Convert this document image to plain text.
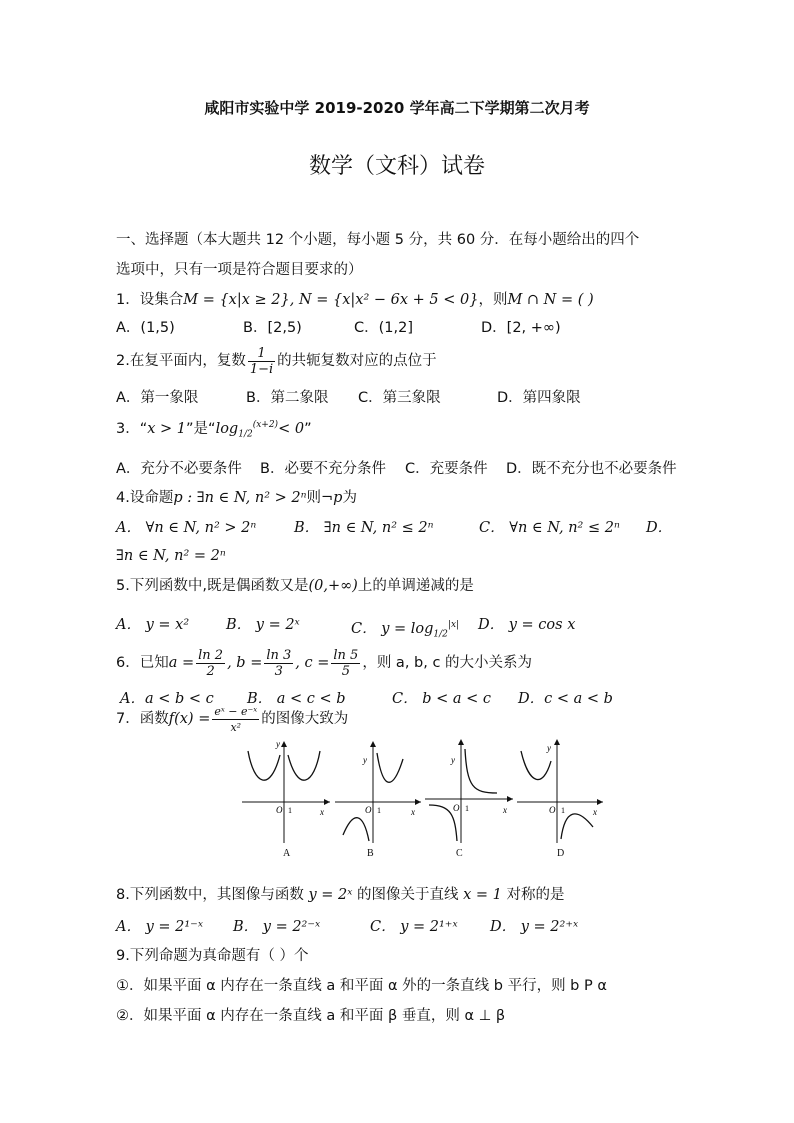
咸阳市实验中学 2019-2020 学年高二下学期第二次月考
数学（文科）试卷
一、选择题（本大题共 12 个小题，每小题 5 分，共 60 分．在每小题给出的四个
选项中，只有一项是符合题目要求的）
1．设集合M = {x|x ≥ 2}, N = {x|x² − 6x + 5 < 0}，则M ∩ N = ( )
A．(1,5)	B．[2,5)	C．(1,2]	D．[2, +∞)
2.在复平面内，复数 $\frac{1}{1-i}$ 的共轭复数对应的点位于
A．第一象限	B．第二象限 C．第三象限	D．第四象限
3．“x > 1”是“$\log_{1/2}^{(x+2)}< 0$”
A．充分不必要条件 B．必要不充分条件 C．充要条件 D．既不充分也不必要条件
4.设命题p : ∃n ∈ N, n² > 2ⁿ则¬p为
A． ∀n ∈ N, n² > 2ⁿ	B． ∃n ∈ N, n² ≤ 2ⁿ	C． ∀n ∈ N, n² ≤ 2ⁿ D．
∃n ∈ N, n² = 2ⁿ
5.下列函数中,既是偶函数又是(0,+∞)上的单调递减的是
A． y = x²	B． y = 2ˣ	C． $y = \log_{1/2}^{|x|} D$． y = cos x
6．已知$a = \frac{\ln 2}{2}$ , $b = \frac{\ln 3}{3}$ , $c = \frac{\ln 5}{5}$ ，则 a, b, c 的大小关系为
A．a < b < c B． a < c < b	C． b < a < c D．c < a < b
7．函数$f(x) = \frac{\text{eˣ − e⁻ˣ}}{\text{x²}}$ 的图像大致为
O 1	x
y
O 1	x
y
O 1	x
y
O 1	x
y
A	B	C	D
8.下列函数中，其图像与函数 y = 2ˣ 的图像关于直线 x = 1 对称的是
A． y = 2¹⁻ˣ B． y = 2²⁻ˣ	C． y = 2¹⁺ˣ D． y = 2²⁺ˣ
9.下列命题为真命题有（ ）个
①．如果平面 α 内存在一条直线 a 和平面 α 外的一条直线 b 平行，则 b P α
②．如果平面 α 内存在一条直线 a 和平面 β 垂直，则 α ⊥ β
